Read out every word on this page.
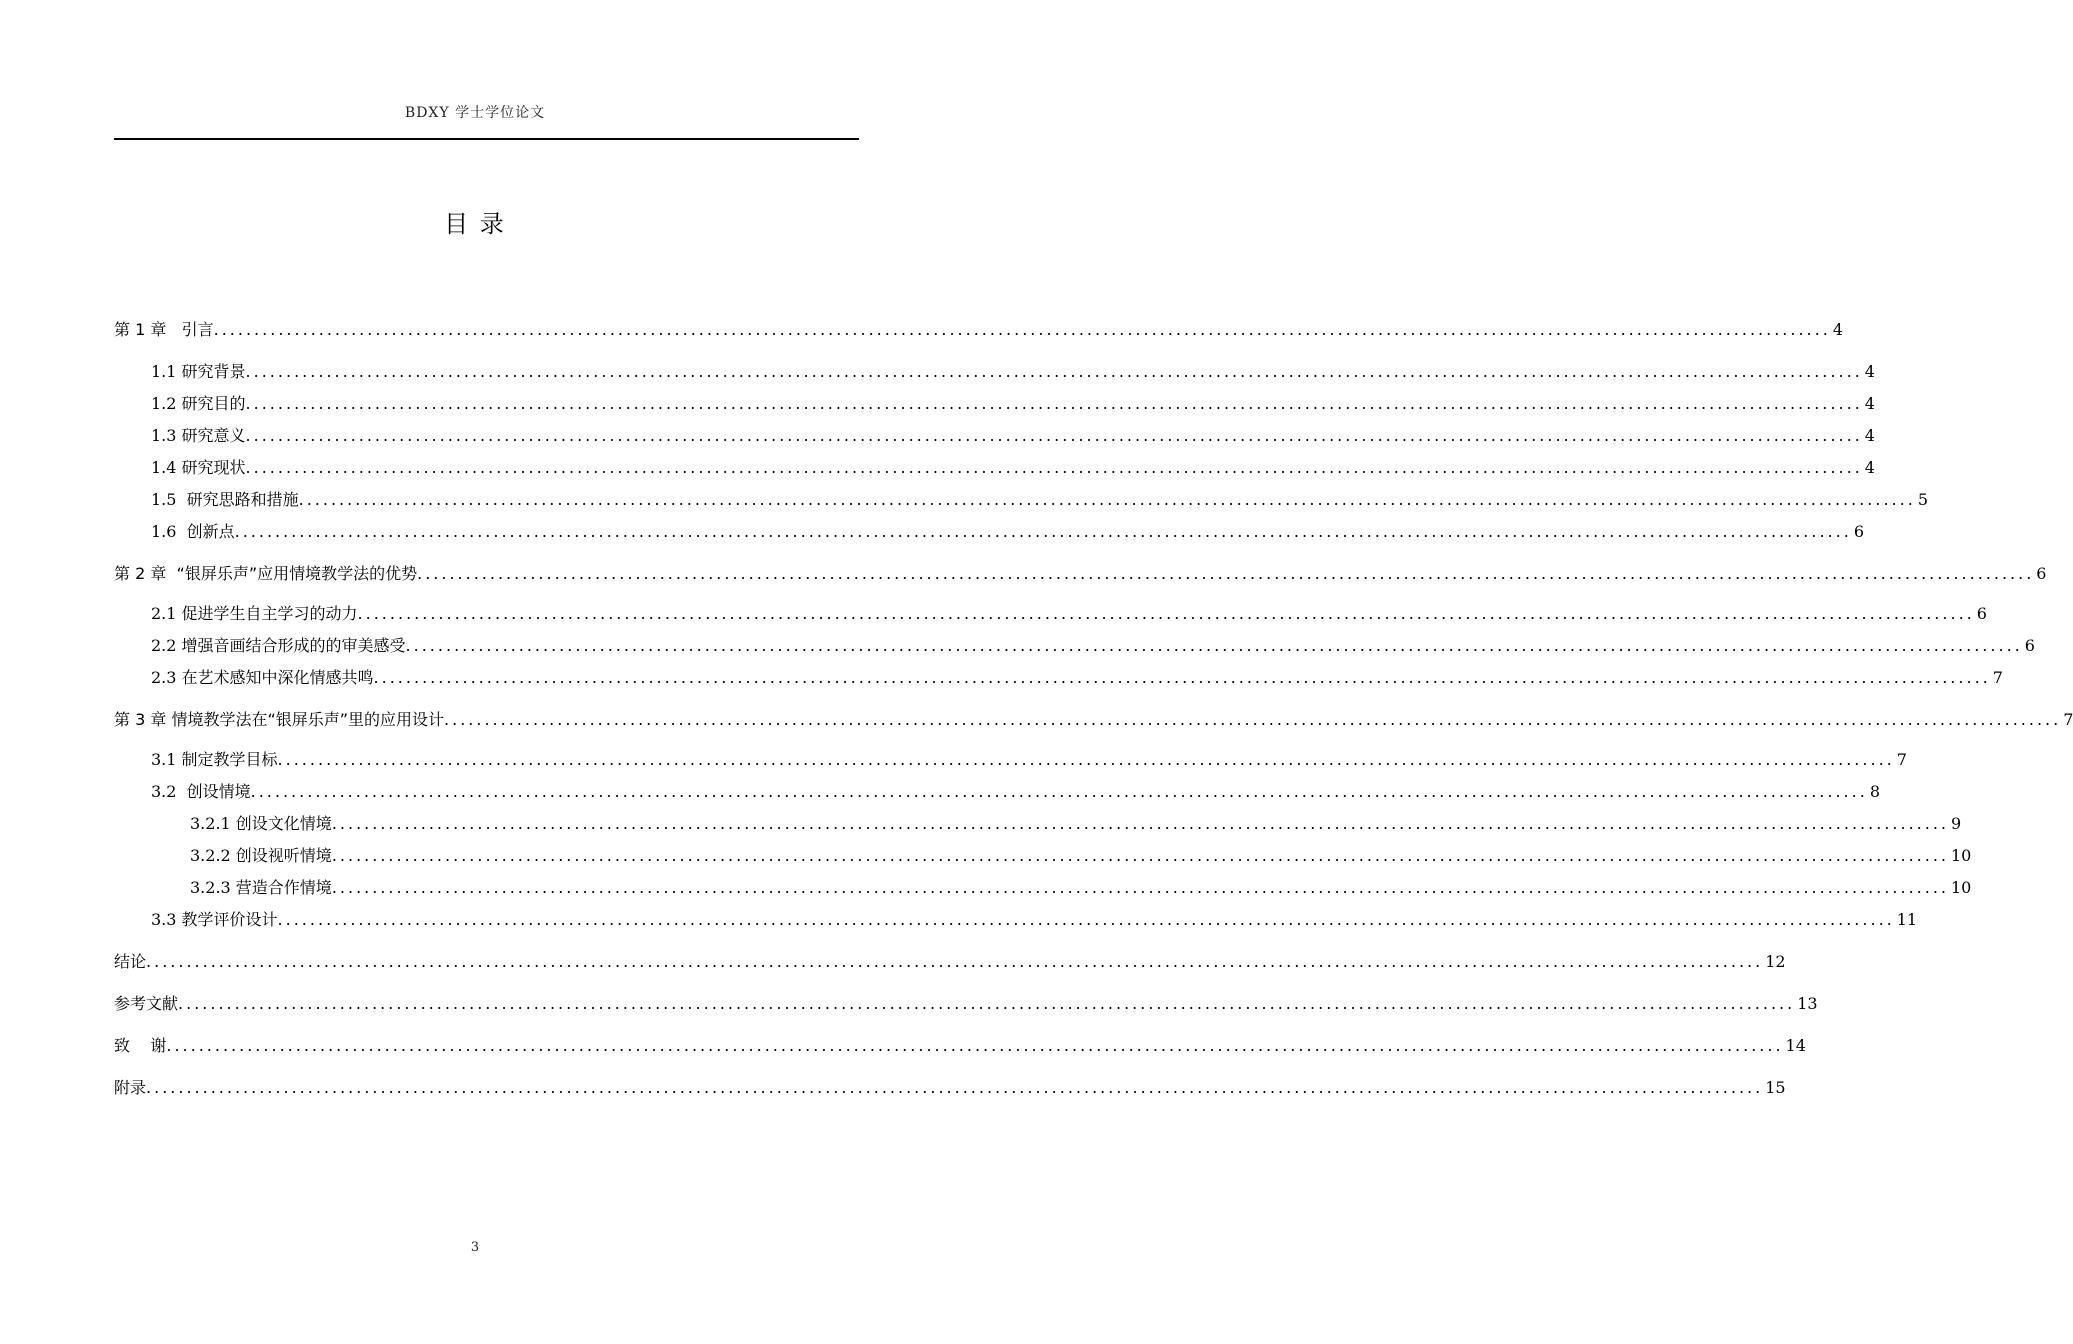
BDXY 学士学位论文
目 录
第 1 章   引言 ........................................................................................................................................................................................................ 4
1.1 研究背景 ........................................................................................................................................................................................................ 4
1.2 研究目的 ........................................................................................................................................................................................................ 4
1.3 研究意义 ........................................................................................................................................................................................................ 4
1.4 研究现状 ........................................................................................................................................................................................................ 4
1.5  研究思路和措施 ........................................................................................................................................................................................................ 5
1.6  创新点 ........................................................................................................................................................................................................ 6
第 2 章  “银屏乐声”应用情境教学法的优势 ........................................................................................................................................................................................................ 6
2.1 促进学生自主学习的动力 ........................................................................................................................................................................................................ 6
2.2 增强音画结合形成的的审美感受 ........................................................................................................................................................................................................ 6
2.3 在艺术感知中深化情感共鸣 ........................................................................................................................................................................................................ 7
第 3 章 情境教学法在“银屏乐声”里的应用设计 ........................................................................................................................................................................................................ 7
3.1 制定教学目标 ........................................................................................................................................................................................................ 7
3.2  创设情境 ........................................................................................................................................................................................................ 8
3.2.1 创设文化情境 ........................................................................................................................................................................................................ 9
3.2.2 创设视听情境 ........................................................................................................................................................................................................ 10
3.2.3 营造合作情境 ........................................................................................................................................................................................................ 10
3.3 教学评价设计 ........................................................................................................................................................................................................ 11
结论 ........................................................................................................................................................................................................ 12
参考文献 ........................................................................................................................................................................................................ 13
致    谢 ........................................................................................................................................................................................................ 14
附录 ........................................................................................................................................................................................................ 15
3
